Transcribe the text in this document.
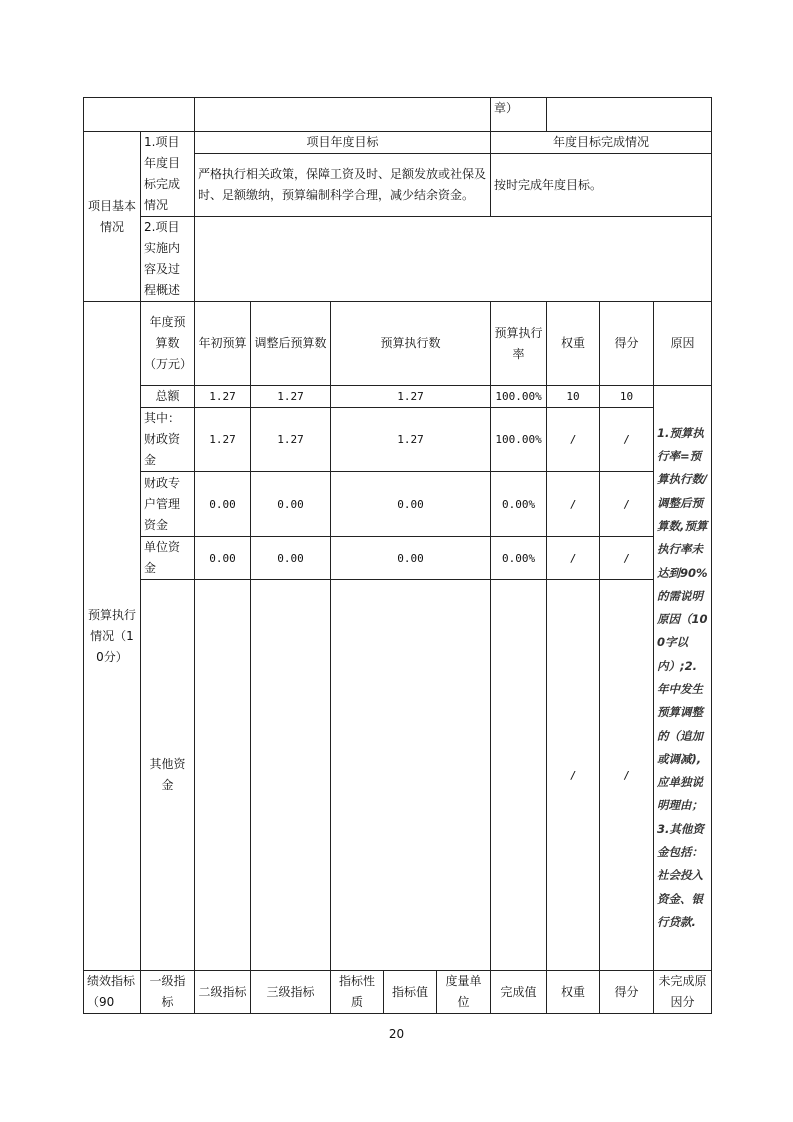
							章）			
项目基本情况	1.项目年度目标完成情况	项目年度目标					年度目标完成情况			
		严格执行相关政策，保障工资及时、足额发放或社保及时、足额缴纳，预算编制科学合理，减少结余资金。					按时完成年度目标。			
	2.项目实施内容及过程概述									
预算执行情况（10分）	年度预算数（万元）	年初预算	调整后预算数	预算执行数			预算执行率	权重	得分	原因
	总额	1.27	1.27	1.27			100.00%	10	10	1.预算执行率=预算执行数/调整后预算数,预算执行率未达到90%的需说明原因（100字以内）;2.年中发生预算调整的（追加或调减),应单独说明理由；3.其他资金包括：社会投入资金、银行贷款.
	其中：财政资金	1.27	1.27	1.27			100.00%	/	/	
	财政专户管理资金	0.00	0.00	0.00			0.00%	/	/	
	单位资金	0.00	0.00	0.00			0.00%	/	/	
	其他资金							/	/	
绩效指标（90	一级指标	二级指标	三级指标	指标性质	指标值	度量单位	完成值	权重	得分	未完成原因分
20
